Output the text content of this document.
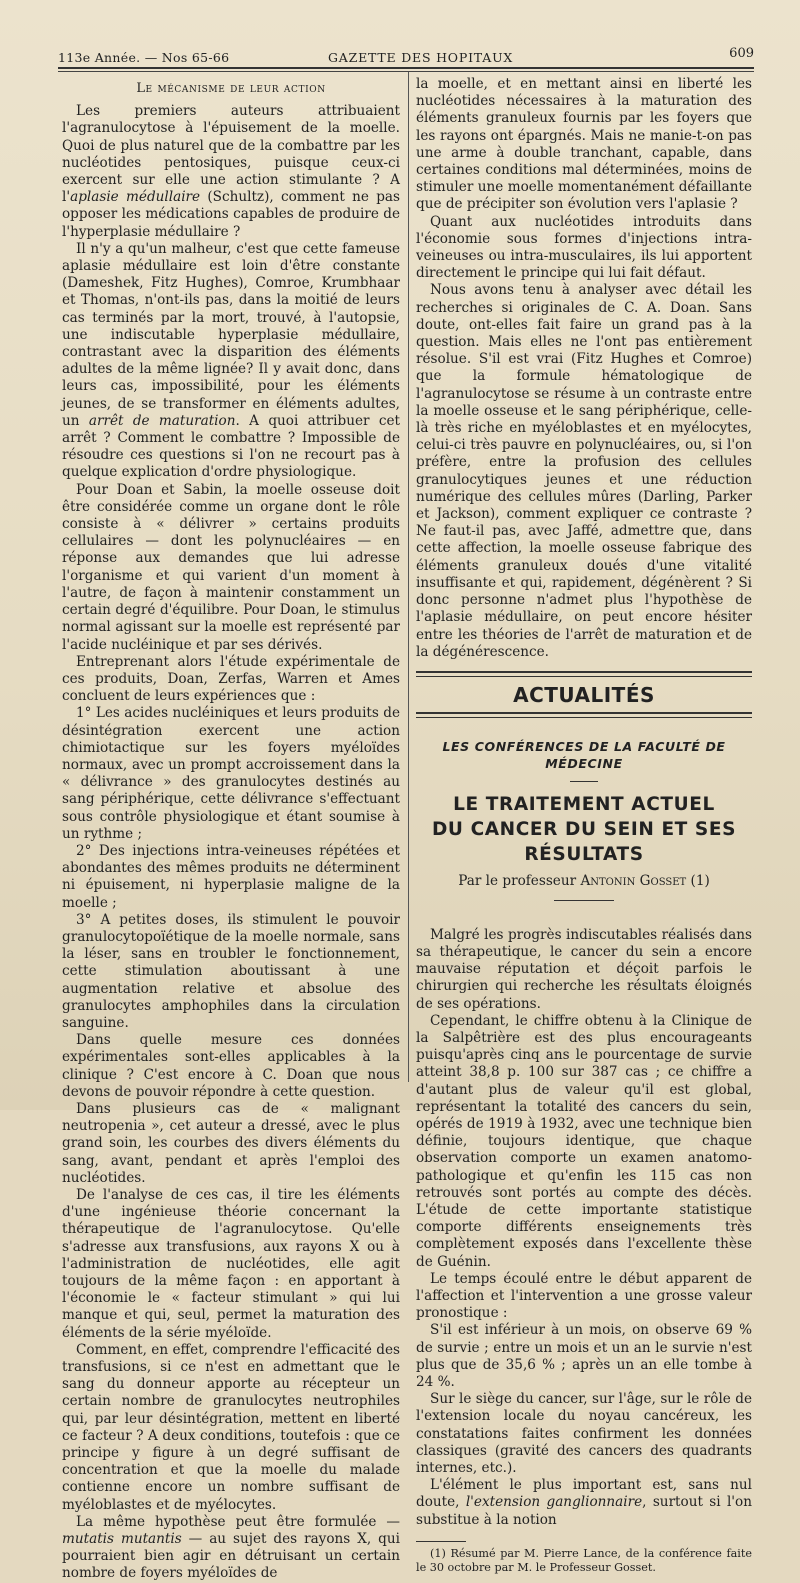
113e Année. — Nos 65-66	GAZETTE DES HOPITAUX	609
Le mécanisme de leur action

Les premiers auteurs attribuaient l'agranulocytose à l'épuisement de la moelle. Quoi de plus naturel que de la combattre par les nucléotides pentosiques, puisque ceux-ci exercent sur elle une action stimulante ? A l'aplasie médullaire (Schultz), comment ne pas opposer les médications capables de produire de l'hyperplasie médullaire ?

Il n'y a qu'un malheur, c'est que cette fameuse aplasie médullaire est loin d'être constante (Dameshek, Fitz Hughes), Comroe, Krumbhaar et Thomas, n'ont-ils pas, dans la moitié de leurs cas terminés par la mort, trouvé, à l'autopsie, une indiscutable hyperplasie médullaire, contrastant avec la disparition des éléments adultes de la même lignée? Il y avait donc, dans leurs cas, impossibilité, pour les éléments jeunes, de se transformer en éléments adultes, un arrêt de maturation. A quoi attribuer cet arrêt ? Comment le combattre ? Impossible de résoudre ces questions si l'on ne recourt pas à quelque explication d'ordre physiologique.

Pour Doan et Sabin, la moelle osseuse doit être considérée comme un organe dont le rôle consiste à « délivrer » certains produits cellulaires — dont les polynucléaires — en réponse aux demandes que lui adresse l'organisme et qui varient d'un moment à l'autre, de façon à maintenir constamment un certain degré d'équilibre. Pour Doan, le stimulus normal agissant sur la moelle est représenté par l'acide nucléinique et par ses dérivés.

Entreprenant alors l'étude expérimentale de ces produits, Doan, Zerfas, Warren et Ames concluent de leurs expériences que :

1° Les acides nucléiniques et leurs produits de désintégration exercent une action chimiotactique sur les foyers myéloïdes normaux, avec un prompt accroissement dans la « délivrance » des granulocytes destinés au sang périphérique, cette délivrance s'effectuant sous contrôle physiologique et étant soumise à un rythme ;

2° Des injections intra-veineuses répétées et abondantes des mêmes produits ne déterminent ni épuisement, ni hyperplasie maligne de la moelle ;

3° A petites doses, ils stimulent le pouvoir granulocytopoïétique de la moelle normale, sans la léser, sans en troubler le fonctionnement, cette stimulation aboutissant à une augmentation relative et absolue des granulocytes amphophiles dans la circulation sanguine.

Dans quelle mesure ces données expérimentales sont-elles applicables à la clinique ? C'est encore à C. Doan que nous devons de pouvoir répondre à cette question.

Dans plusieurs cas de « malignant neutropenia », cet auteur a dressé, avec le plus grand soin, les courbes des divers éléments du sang, avant, pendant et après l'emploi des nucléotides.

De l'analyse de ces cas, il tire les éléments d'une ingénieuse théorie concernant la thérapeutique de l'agranulocytose. Qu'elle s'adresse aux transfusions, aux rayons X ou à l'administration de nucléotides, elle agit toujours de la même façon : en apportant à l'économie le « facteur stimulant » qui lui manque et qui, seul, permet la maturation des éléments de la série myéloïde.

Comment, en effet, comprendre l'efficacité des transfusions, si ce n'est en admettant que le sang du donneur apporte au récepteur un certain nombre de granulocytes neutrophiles qui, par leur désintégration, mettent en liberté ce facteur ? A deux conditions, toutefois : que ce principe y figure à un degré suffisant de concentration et que la moelle du malade contienne encore un nombre suffisant de myéloblastes et de myélocytes.

La même hypothèse peut être formulée — mutatis mutantis — au sujet des rayons X, qui pourraient bien agir en détruisant un certain nombre de foyers myéloïdes de

la moelle, et en mettant ainsi en liberté les nucléotides nécessaires à la maturation des éléments granuleux fournis par les foyers que les rayons ont épargnés. Mais ne manie-t-on pas une arme à double tranchant, capable, dans certaines conditions mal déterminées, moins de stimuler une moelle momentanément défaillante que de précipiter son évolution vers l'aplasie ?

Quant aux nucléotides introduits dans l'économie sous formes d'injections intra-veineuses ou intra-musculaires, ils lui apportent directement le principe qui lui fait défaut.

Nous avons tenu à analyser avec détail les recherches si originales de C. A. Doan. Sans doute, ont-elles fait faire un grand pas à la question. Mais elles ne l'ont pas entièrement résolue. S'il est vrai (Fitz Hughes et Comroe) que la formule hématologique de l'agranulocytose se résume à un contraste entre la moelle osseuse et le sang périphérique, celle-là très riche en myéloblastes et en myélocytes, celui-ci très pauvre en polynucléaires, ou, si l'on préfère, entre la profusion des cellules granulocytiques jeunes et une réduction numérique des cellules mûres (Darling, Parker et Jackson), comment expliquer ce contraste ? Ne faut-il pas, avec Jaffé, admettre que, dans cette affection, la moelle osseuse fabrique des éléments granuleux doués d'une vitalité insuffisante et qui, rapidement, dégénèrent ? Si donc personne n'admet plus l'hypothèse de l'aplasie médullaire, on peut encore hésiter entre les théories de l'arrêt de maturation et de la dégénérescence.

ACTUALITÉS
LES CONFÉRENCES DE LA FACULTÉ DE MÉDECINE
LE TRAITEMENT ACTUEL
DU CANCER DU SEIN ET SES RÉSULTATS
Par le professeur Antonin Gosset (1)

Malgré les progrès indiscutables réalisés dans sa thérapeutique, le cancer du sein a encore mauvaise réputation et déçoit parfois le chirurgien qui recherche les résultats éloignés de ses opérations.

Cependant, le chiffre obtenu à la Clinique de la Salpêtrière est des plus encourageants puisqu'après cinq ans le pourcentage de survie atteint 38,8 p. 100 sur 387 cas ; ce chiffre a d'autant plus de valeur qu'il est global, représentant la totalité des cancers du sein, opérés de 1919 à 1932, avec une technique bien définie, toujours identique, que chaque observation comporte un examen anatomo-pathologique et qu'enfin les 115 cas non retrouvés sont portés au compte des décès. L'étude de cette importante statistique comporte différents enseignements très complètement exposés dans l'excellente thèse de Guénin.

Le temps écoulé entre le début apparent de l'affection et l'intervention a une grosse valeur pronostique :

S'il est inférieur à un mois, on observe 69 % de survie ; entre un mois et un an le survie n'est plus que de 35,6 % ; après un an elle tombe à 24 %.

Sur le siège du cancer, sur l'âge, sur le rôle de l'extension locale du noyau cancéreux, les constatations faites confirment les données classiques (gravité des cancers des quadrants internes, etc.).

L'élément le plus important est, sans nul doute, l'extension ganglionnaire, surtout si l'on substitue à la notion

(1) Résumé par M. Pierre Lance, de la conférence faite le 30 octobre par M. le Professeur Gosset.
